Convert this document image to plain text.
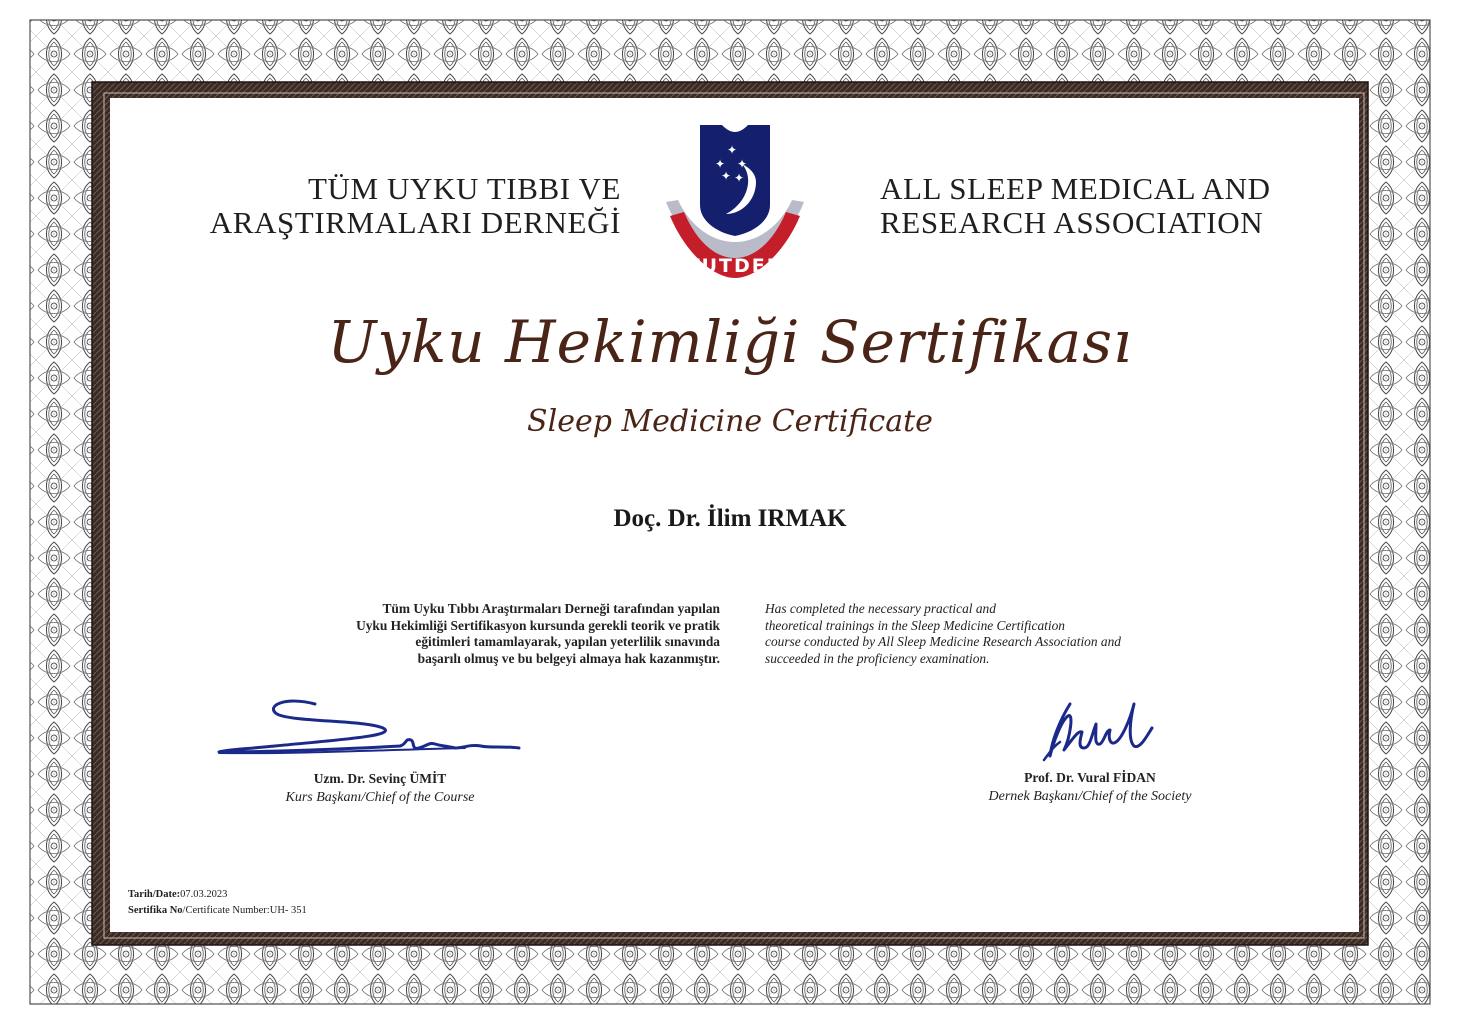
TÜM UYKU TIBBI VE
ARAŞTIRMALARI DERNEĞİ
ALL SLEEP MEDICAL AND
RESEARCH ASSOCIATION
✦
✦ ✦
✦ ✦
2004
TUTDER
Uyku Hekimliği Sertifikası
Sleep Medicine Certificate
Doç. Dr. İlim IRMAK
Tüm Uyku Tıbbı Araştırmaları Derneği tarafından yapılan
Uyku Hekimliği Sertifikasyon kursunda gerekli teorik ve pratik
eğitimleri tamamlayarak, yapılan yeterlilik sınavında
başarılı olmuş ve bu belgeyi almaya hak kazanmıştır.
Has completed the necessary practical and
theoretical trainings in the Sleep Medicine Certification
course conducted by All Sleep Medicine Research Association and
succeeded in the proficiency examination.
Uzm. Dr. Sevinç ÜMİT
Kurs Başkanı/Chief of the Course
Prof. Dr. Vural FİDAN
Dernek Başkanı/Chief of the Society
Tarih/Date:07.03.2023
Sertifika No/Certificate Number:UH- 351
